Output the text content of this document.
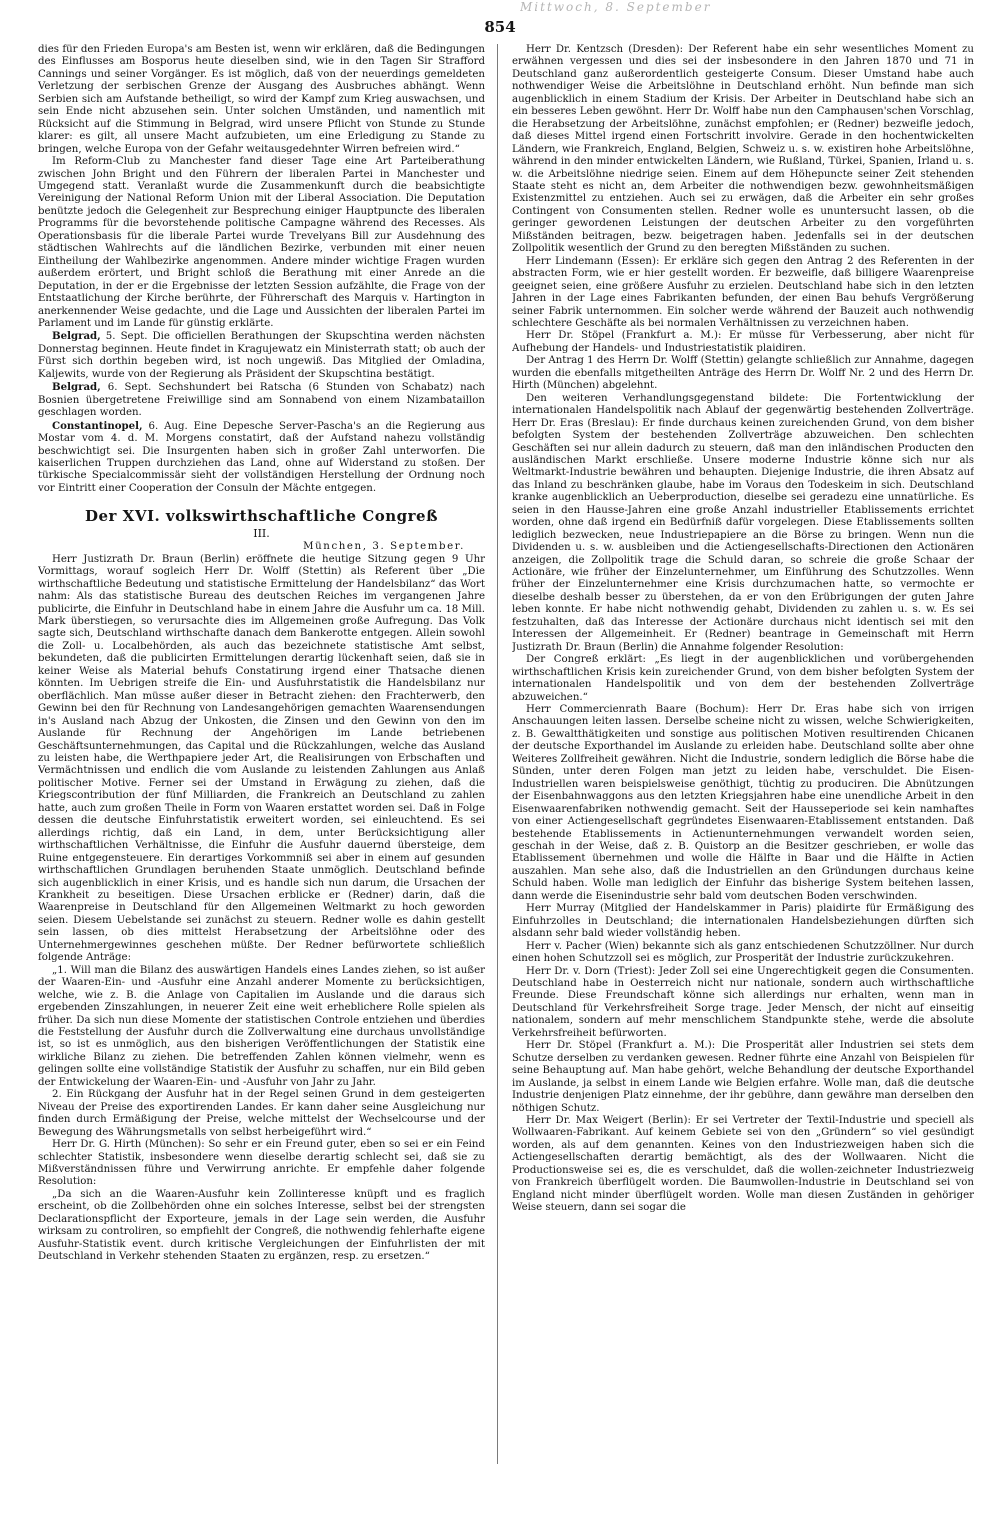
Mittwoch, 8. September
854

dies für den Frieden Europa's am Besten ist, wenn wir erklären, daß die Bedingungen des Einflusses am Bosporus heute dieselben sind, wie in den Tagen Sir Strafford Cannings und seiner Vorgänger. Es ist möglich, daß von der neuerdings gemeldeten Verletzung der serbischen Grenze der Ausgang des Ausbruches abhängt. Wenn Serbien sich am Aufstande betheiligt, so wird der Kampf zum Krieg auswachsen, und sein Ende nicht abzusehen sein. Unter solchen Umständen, und namentlich mit Rücksicht auf die Stimmung in Belgrad, wird unsere Pflicht von Stunde zu Stunde klarer: es gilt, all unsere Macht aufzubieten, um eine Erledigung zu Stande zu bringen, welche Europa von der Gefahr weitausgedehnter Wirren befreien wird.“

Im Reform-Club zu Manchester fand dieser Tage eine Art Parteiberathung zwischen John Bright und den Führern der liberalen Partei in Manchester und Umgegend statt. Veranlaßt wurde die Zusammenkunft durch die beabsichtigte Vereinigung der National Reform Union mit der Liberal Association. Die Deputation benützte jedoch die Gelegenheit zur Besprechung einiger Hauptpuncte des liberalen Programms für die bevorstehende politische Campagne während des Recesses. Als Operationsbasis für die liberale Partei wurde Trevelyans Bill zur Ausdehnung des städtischen Wahlrechts auf die ländlichen Bezirke, verbunden mit einer neuen Eintheilung der Wahlbezirke angenommen. Andere minder wichtige Fragen wurden außerdem erörtert, und Bright schloß die Berathung mit einer Anrede an die Deputation, in der er die Ergebnisse der letzten Session aufzählte, die Frage von der Entstaatlichung der Kirche berührte, der Führerschaft des Marquis v. Hartington in anerkennender Weise gedachte, und die Lage und Aussichten der liberalen Partei im Parlament und im Lande für günstig erklärte.

Belgrad, 5. Sept. Die officiellen Berathungen der Skupschtina werden nächsten Donnerstag beginnen. Heute findet in Kragujewatz ein Ministerrath statt; ob auch der Fürst sich dorthin begeben wird, ist noch ungewiß. Das Mitglied der Omladina, Kaljewits, wurde von der Regierung als Präsident der Skupschtina bestätigt.

Belgrad, 6. Sept. Sechshundert bei Ratscha (6 Stunden von Schabatz) nach Bosnien übergetretene Freiwillige sind am Sonnabend von einem Nizambataillon geschlagen worden.

Constantinopel, 6. Aug. Eine Depesche Server-Pascha's an die Regierung aus Mostar vom 4. d. M. Morgens constatirt, daß der Aufstand nahezu vollständig beschwichtigt sei. Die Insurgenten haben sich in großer Zahl unterworfen. Die kaiserlichen Truppen durchziehen das Land, ohne auf Widerstand zu stoßen. Der türkische Specialcommissär sieht der vollständigen Herstellung der Ordnung noch vor Eintritt einer Cooperation der Consuln der Mächte entgegen.

Der XVI. volkswirthschaftliche Congreß

III.

München, 3. September.

Herr Justizrath Dr. Braun (Berlin) eröffnete die heutige Sitzung gegen 9 Uhr Vormittags, worauf sogleich Herr Dr. Wolff (Stettin) als Referent über „Die wirthschaftliche Bedeutung und statistische Ermittelung der Handelsbilanz“ das Wort nahm: Als das statistische Bureau des deutschen Reiches im vergangenen Jahre publicirte, die Einfuhr in Deutschland habe in einem Jahre die Ausfuhr um ca. 18 Mill. Mark überstiegen, so verursachte dies im Allgemeinen große Aufregung. Das Volk sagte sich, Deutschland wirthschafte danach dem Bankerotte entgegen. Allein sowohl die Zoll- u. Localbehörden, als auch das bezeichnete statistische Amt selbst, bekundeten, daß die publicirten Ermittelungen derartig lückenhaft seien, daß sie in keiner Weise als Material behufs Constatirung irgend einer Thatsache dienen könnten. Im Uebrigen streife die Ein- und Ausfuhrstatistik die Handelsbilanz nur oberflächlich. Man müsse außer dieser in Betracht ziehen: den Frachterwerb, den Gewinn bei den für Rechnung von Landesangehörigen gemachten Waarensendungen in's Ausland nach Abzug der Unkosten, die Zinsen und den Gewinn von den im Auslande für Rechnung der Angehörigen im Lande betriebenen Geschäftsunternehmungen, das Capital und die Rückzahlungen, welche das Ausland zu leisten habe, die Werthpapiere jeder Art, die Realisirungen von Erbschaften und Vermächtnissen und endlich die vom Auslande zu leistenden Zahlungen aus Anlaß politischer Motive. Ferner sei der Umstand in Erwägung zu ziehen, daß die Kriegscontribution der fünf Milliarden, die Frankreich an Deutschland zu zahlen hatte, auch zum großen Theile in Form von Waaren erstattet worden sei. Daß in Folge dessen die deutsche Einfuhrstatistik erweitert worden, sei einleuchtend. Es sei allerdings richtig, daß ein Land, in dem, unter Berücksichtigung aller wirthschaftlichen Verhältnisse, die Einfuhr die Ausfuhr dauernd übersteige, dem Ruine entgegensteuere. Ein derartiges Vorkommniß sei aber in einem auf gesunden wirthschaftlichen Grundlagen beruhenden Staate unmöglich. Deutschland befinde sich augenblicklich in einer Krisis, und es handle sich nun darum, die Ursachen der Krankheit zu beseitigen. Diese Ursachen erblicke er (Redner) darin, daß die Waarenpreise in Deutschland für den Allgemeinen Weltmarkt zu hoch geworden seien. Diesem Uebelstande sei zunächst zu steuern. Redner wolle es dahin gestellt sein lassen, ob dies mittelst Herabsetzung der Arbeitslöhne oder des Unternehmergewinnes geschehen müßte. Der Redner befürwortete schließlich folgende Anträge:

„1. Will man die Bilanz des auswärtigen Handels eines Landes ziehen, so ist außer der Waaren-Ein- und -Ausfuhr eine Anzahl anderer Momente zu berücksichtigen, welche, wie z. B. die Anlage von Capitalien im Auslande und die daraus sich ergebenden Zinszahlungen, in neuerer Zeit eine weit erheblichere Rolle spielen als früher. Da sich nun diese Momente der statistischen Controle entziehen und überdies die Feststellung der Ausfuhr durch die Zollverwaltung eine durchaus unvollständige ist, so ist es unmöglich, aus den bisherigen Veröffentlichungen der Statistik eine wirkliche Bilanz zu ziehen. Die betreffenden Zahlen können vielmehr, wenn es gelingen sollte eine vollständige Statistik der Ausfuhr zu schaffen, nur ein Bild geben der Entwickelung der Waaren-Ein- und -Ausfuhr von Jahr zu Jahr.

2. Ein Rückgang der Ausfuhr hat in der Regel seinen Grund in dem gesteigerten Niveau der Preise des exportirenden Landes. Er kann daher seine Ausgleichung nur finden durch Ermäßigung der Preise, welche mittelst der Wechselcourse und der Bewegung des Währungsmetalls von selbst herbeigeführt wird.“

Herr Dr. G. Hirth (München): So sehr er ein Freund guter, eben so sei er ein Feind schlechter Statistik, insbesondere wenn dieselbe derartig schlecht sei, daß sie zu Mißverständnissen führe und Verwirrung anrichte. Er empfehle daher folgende Resolution:

„Da sich an die Waaren-Ausfuhr kein Zollinteresse knüpft und es fraglich erscheint, ob die Zollbehörden ohne ein solches Interesse, selbst bei der strengsten Declarationspflicht der Exporteure, jemals in der Lage sein werden, die Ausfuhr wirksam zu controliren, so empfiehlt der Congreß, die nothwendig fehlerhafte eigene Ausfuhr-Statistik event. durch kritische Vergleichungen der Einfuhrlisten der mit Deutschland in Verkehr stehenden Staaten zu ergänzen, resp. zu ersetzen.“

Herr Dr. Kentzsch (Dresden): Der Referent habe ein sehr wesentliches Moment zu erwähnen vergessen und dies sei der insbesondere in den Jahren 1870 und 71 in Deutschland ganz außerordentlich gesteigerte Consum. Dieser Umstand habe auch nothwendiger Weise die Arbeitslöhne in Deutschland erhöht. Nun befinde man sich augenblicklich in einem Stadium der Krisis. Der Arbeiter in Deutschland habe sich an ein besseres Leben gewöhnt. Herr Dr. Wolff habe nun den Camphausen'schen Vorschlag, die Herabsetzung der Arbeitslöhne, zunächst empfohlen; er (Redner) bezweifle jedoch, daß dieses Mittel irgend einen Fortschritt involvire. Gerade in den hochentwickelten Ländern, wie Frankreich, England, Belgien, Schweiz u. s. w. existiren hohe Arbeitslöhne, während in den minder entwickelten Ländern, wie Rußland, Türkei, Spanien, Irland u. s. w. die Arbeitslöhne niedrige seien. Einem auf dem Höhepuncte seiner Zeit stehenden Staate steht es nicht an, dem Arbeiter die nothwendigen bezw. gewohnheitsmäßigen Existenzmittel zu entziehen. Auch sei zu erwägen, daß die Arbeiter ein sehr großes Contingent von Consumenten stellen. Redner wolle es ununtersucht lassen, ob die geringer gewordenen Leistungen der deutschen Arbeiter zu den vorgeführten Mißständen beitragen, bezw. beigetragen haben. Jedenfalls sei in der deutschen Zollpolitik wesentlich der Grund zu den beregten Mißständen zu suchen.

Herr Lindemann (Essen): Er erkläre sich gegen den Antrag 2 des Referenten in der abstracten Form, wie er hier gestellt worden. Er bezweifle, daß billigere Waarenpreise geeignet seien, eine größere Ausfuhr zu erzielen. Deutschland habe sich in den letzten Jahren in der Lage eines Fabrikanten befunden, der einen Bau behufs Vergrößerung seiner Fabrik unternommen. Ein solcher werde während der Bauzeit auch nothwendig schlechtere Geschäfte als bei normalen Verhältnissen zu verzeichnen haben.

Herr Dr. Stöpel (Frankfurt a. M.): Er müsse für Verbesserung, aber nicht für Aufhebung der Handels- und Industriestatistik plaidiren.

Der Antrag 1 des Herrn Dr. Wolff (Stettin) gelangte schließlich zur Annahme, dagegen wurden die ebenfalls mitgetheilten Anträge des Herrn Dr. Wolff Nr. 2 und des Herrn Dr. Hirth (München) abgelehnt.

Den weiteren Verhandlungsgegenstand bildete: Die Fortentwicklung der internationalen Handelspolitik nach Ablauf der gegenwärtig bestehenden Zollverträge. Herr Dr. Eras (Breslau): Er finde durchaus keinen zureichenden Grund, von dem bisher befolgten System der bestehenden Zollverträge abzuweichen. Den schlechten Geschäften sei nur allein dadurch zu steuern, daß man den inländischen Producten den ausländischen Markt erschließe. Unsere moderne Industrie könne sich nur als Weltmarkt-Industrie bewähren und behaupten. Diejenige Industrie, die ihren Absatz auf das Inland zu beschränken glaube, habe im Voraus den Todeskeim in sich. Deutschland kranke augenblicklich an Ueberproduction, dieselbe sei geradezu eine unnatürliche. Es seien in den Hausse-Jahren eine große Anzahl industrieller Etablissements errichtet worden, ohne daß irgend ein Bedürfniß dafür vorgelegen. Diese Etablissements sollten lediglich bezwecken, neue Industriepapiere an die Börse zu bringen. Wenn nun die Dividenden u. s. w. ausbleiben und die Actiengesellschafts-Directionen den Actionären anzeigen, die Zollpolitik trage die Schuld daran, so schreie die große Schaar der Actionäre, wie früher der Einzelunternehmer, um Einführung des Schutzzolles. Wenn früher der Einzelunternehmer eine Krisis durchzumachen hatte, so vermochte er dieselbe deshalb besser zu überstehen, da er von den Erübrigungen der guten Jahre leben konnte. Er habe nicht nothwendig gehabt, Dividenden zu zahlen u. s. w. Es sei festzuhalten, daß das Interesse der Actionäre durchaus nicht identisch sei mit den Interessen der Allgemeinheit. Er (Redner) beantrage in Gemeinschaft mit Herrn Justizrath Dr. Braun (Berlin) die Annahme folgender Resolution:

Der Congreß erklärt: „Es liegt in der augenblicklichen und vorübergehenden wirthschaftlichen Krisis kein zureichender Grund, von dem bisher befolgten System der internationalen Handelspolitik und von dem der bestehenden Zollverträge abzuweichen.“

Herr Commercienrath Baare (Bochum): Herr Dr. Eras habe sich von irrigen Anschauungen leiten lassen. Derselbe scheine nicht zu wissen, welche Schwierigkeiten, z. B. Gewaltthätigkeiten und sonstige aus politischen Motiven resultirenden Chicanen der deutsche Exporthandel im Auslande zu erleiden habe. Deutschland sollte aber ohne Weiteres Zollfreiheit gewähren. Nicht die Industrie, sondern lediglich die Börse habe die Sünden, unter deren Folgen man jetzt zu leiden habe, verschuldet. Die Eisen-Industriellen waren beispielsweise genöthigt, tüchtig zu produciren. Die Abnützungen der Eisenbahnwaggons aus den letzten Kriegsjahren habe eine unendliche Arbeit in den Eisenwaarenfabriken nothwendig gemacht. Seit der Hausseperiode sei kein namhaftes von einer Actiengesellschaft gegründetes Eisenwaaren-Etablissement entstanden. Daß bestehende Etablissements in Actienunternehmungen verwandelt worden seien, geschah in der Weise, daß z. B. Quistorp an die Besitzer geschrieben, er wolle das Etablissement übernehmen und wolle die Hälfte in Baar und die Hälfte in Actien auszahlen. Man sehe also, daß die Industriellen an den Gründungen durchaus keine Schuld haben. Wolle man lediglich der Einfuhr das bisherige System beitehen lassen, dann werde die Eisenindustrie sehr bald vom deutschen Boden verschwinden.

Herr Murray (Mitglied der Handelskammer in Paris) plaidirte für Ermäßigung des Einfuhrzolles in Deutschland; die internationalen Handelsbeziehungen dürften sich alsdann sehr bald wieder vollständig heben.

Herr v. Pacher (Wien) bekannte sich als ganz entschiedenen Schutzzöllner. Nur durch einen hohen Schutzzoll sei es möglich, zur Prosperität der Industrie zurückzukehren.

Herr Dr. v. Dorn (Triest): Jeder Zoll sei eine Ungerechtigkeit gegen die Consumenten. Deutschland habe in Oesterreich nicht nur nationale, sondern auch wirthschaftliche Freunde. Diese Freundschaft könne sich allerdings nur erhalten, wenn man in Deutschland für Verkehrsfreiheit Sorge trage. Jeder Mensch, der nicht auf einseitig nationalem, sondern auf mehr menschlichem Standpunkte stehe, werde die absolute Verkehrsfreiheit befürworten.

Herr Dr. Stöpel (Frankfurt a. M.): Die Prosperität aller Industrien sei stets dem Schutze derselben zu verdanken gewesen. Redner führte eine Anzahl von Beispielen für seine Behauptung auf. Man habe gehört, welche Behandlung der deutsche Exporthandel im Auslande, ja selbst in einem Lande wie Belgien erfahre. Wolle man, daß die deutsche Industrie denjenigen Platz einnehme, der ihr gebühre, dann gewähre man derselben den nöthigen Schutz.

Herr Dr. Max Weigert (Berlin): Er sei Vertreter der Textil-Industrie und speciell als Wollwaaren-Fabrikant. Auf keinem Gebiete sei von den „Gründern“ so viel gesündigt worden, als auf dem genannten. Keines von den Industriezweigen haben sich die Actiengesellschaften derartig bemächtigt, als des der Wollwaaren. Nicht die Productionsweise sei es, die es verschuldet, daß die wollen-zeichneter Industriezweig von Frankreich überflügelt worden. Die Baumwollen-Industrie in Deutschland sei von England nicht minder überflügelt worden. Wolle man diesen Zuständen in gehöriger Weise steuern, dann sei sogar die
